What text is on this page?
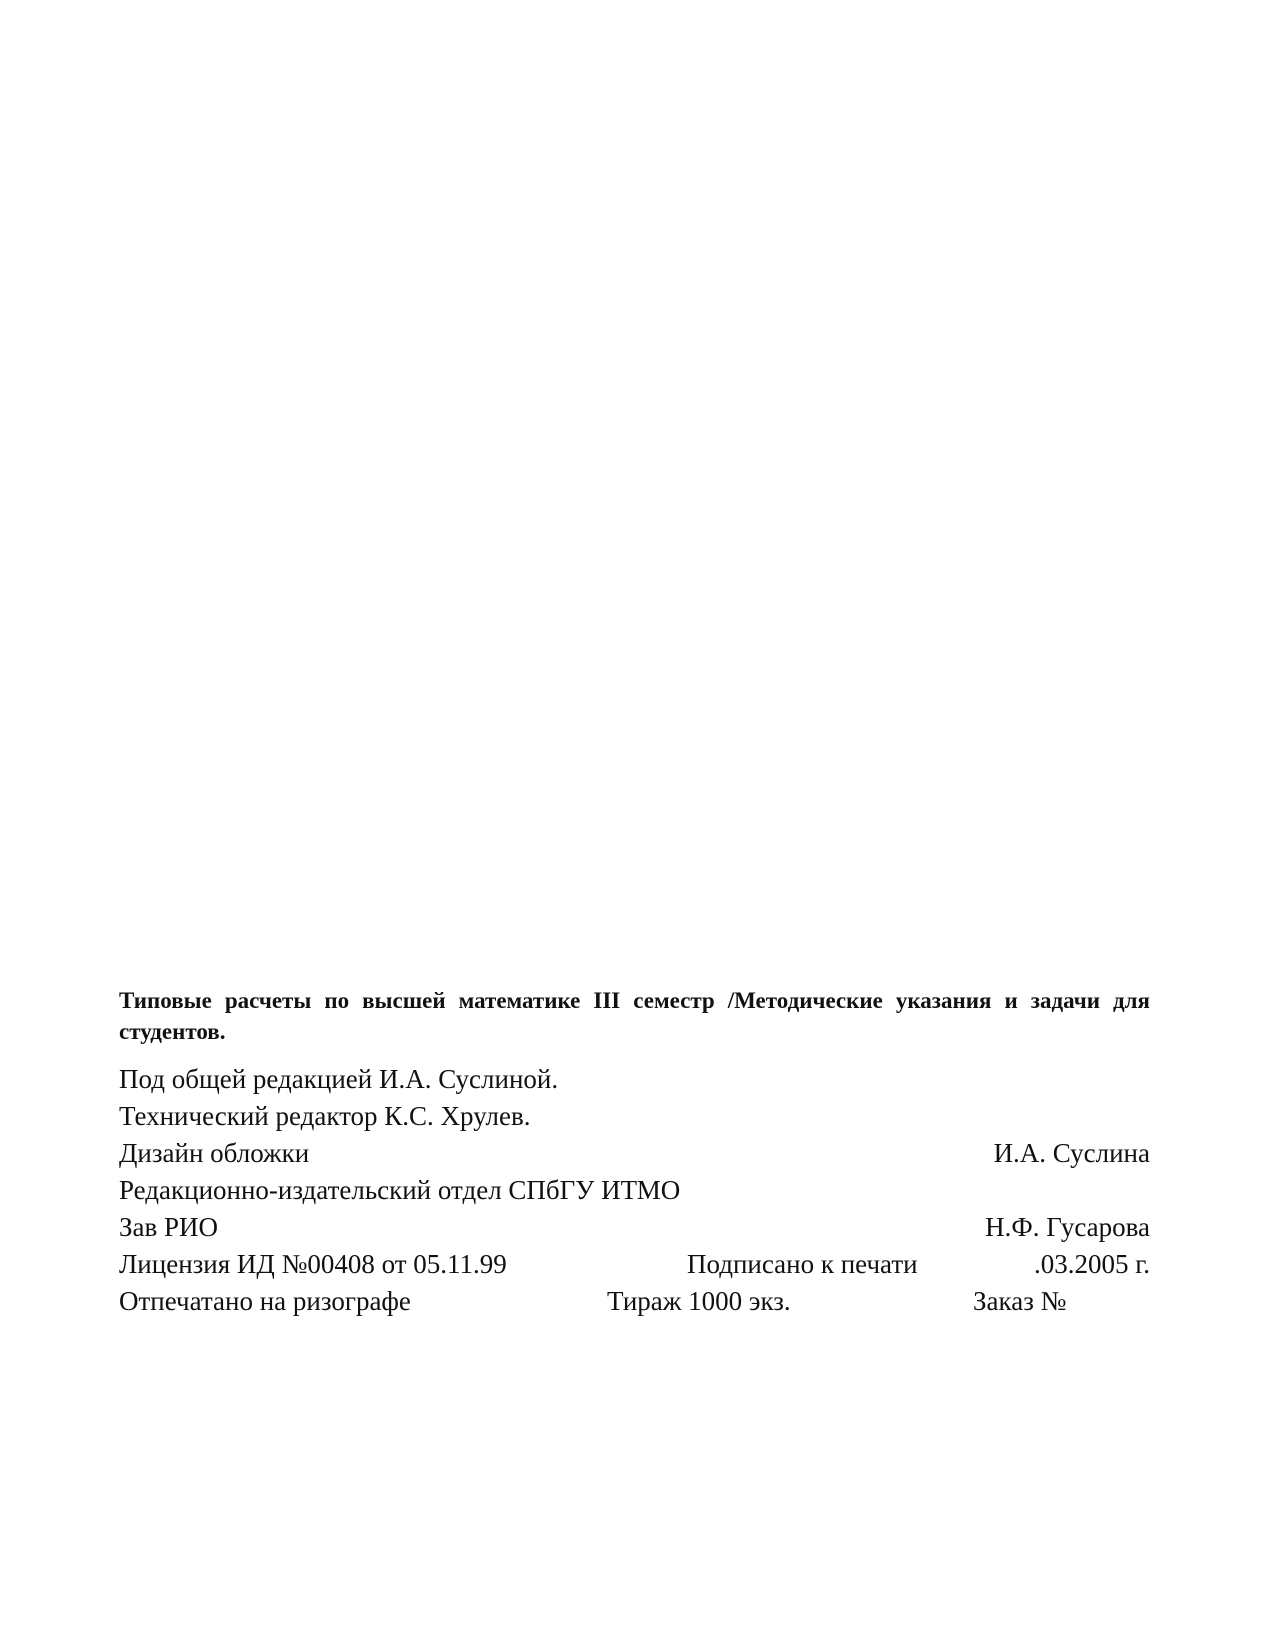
Типовые расчеты по высшей математике III семестр /Методические указания и задачи для студентов.
Под общей редакцией И.А. Суслиной.
Технический редактор К.С. Хрулев.
Дизайн обложки	И.А. Суслина
Редакционно-издательский отдел СПбГУ ИТМО
Зав РИО	Н.Ф. Гусарова
Лицензия ИД №00408 от 05.11.99	Подписано к печати	.03.2005 г.
Отпечатано на ризографе	Тираж 1000 экз.	Заказ №
